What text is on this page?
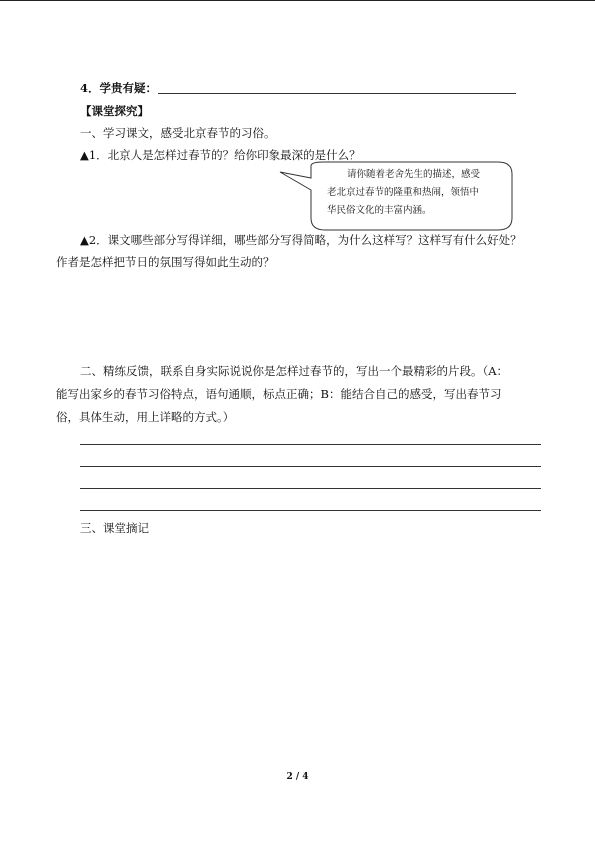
4．学贵有疑：
【课堂探究】
一、学习课文，感受北京春节的习俗。
▲1．北京人是怎样过春节的？给你印象最深的是什么？
请你随着老舍先生的描述，感受
老北京过春节的隆重和热闹，领悟中
华民俗文化的丰富内涵。
▲2．课文哪些部分写得详细，哪些部分写得简略，为什么这样写？这样写有什么好处？
作者是怎样把节日的氛围写得如此生动的？
二、精练反馈，联系自身实际说说你是怎样过春节的，写出一个最精彩的片段。（A：
能写出家乡的春节习俗特点，语句通顺，标点正确；B：能结合自己的感受，写出春节习
俗，具体生动，用上详略的方式。）
三、课堂摘记
2 / 4
